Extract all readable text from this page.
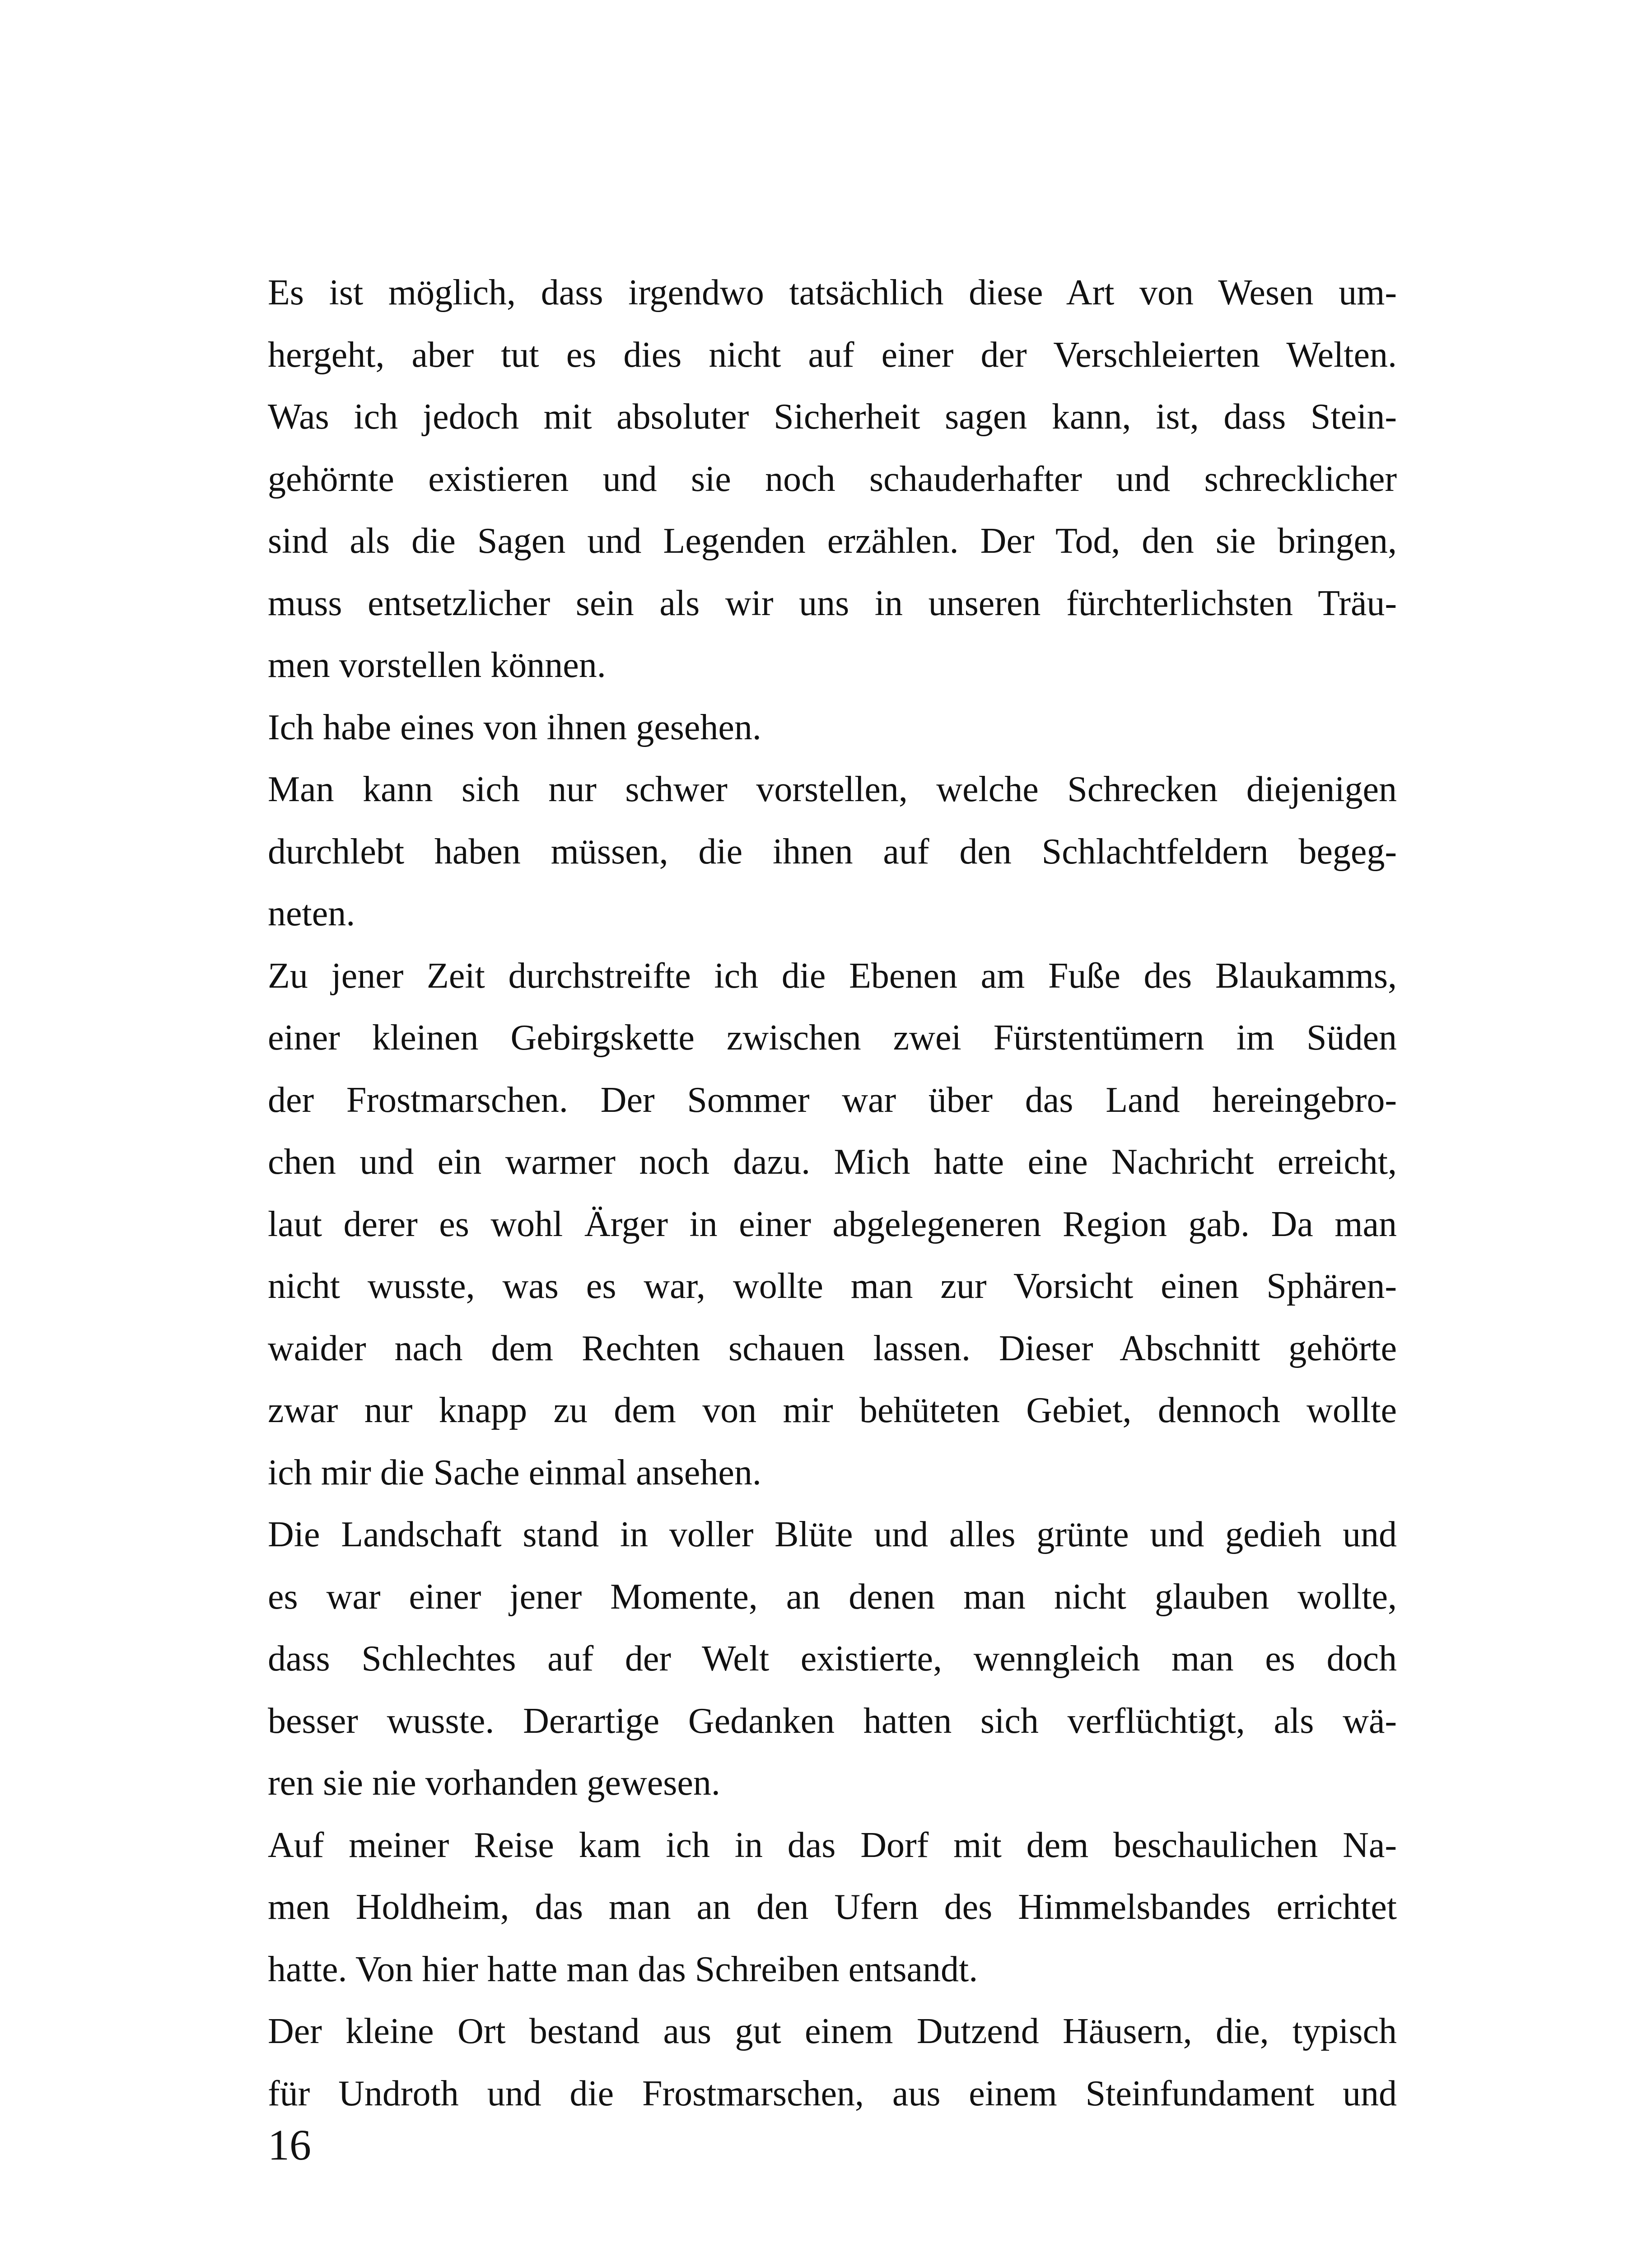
Es ist möglich, dass irgendwo tatsächlich diese Art von Wesen um-
hergeht, aber tut es dies nicht auf einer der Verschleierten Welten.
Was ich jedoch mit absoluter Sicherheit sagen kann, ist, dass Stein-
gehörnte existieren und sie noch schauderhafter und schrecklicher
sind als die Sagen und Legenden erzählen. Der Tod, den sie bringen,
muss entsetzlicher sein als wir uns in unseren fürchterlichsten Träu-
men vorstellen können.
Ich habe eines von ihnen gesehen.
Man kann sich nur schwer vorstellen, welche Schrecken diejenigen
durchlebt haben müssen, die ihnen auf den Schlachtfeldern begeg-
neten.
Zu jener Zeit durchstreifte ich die Ebenen am Fuße des Blaukamms,
einer kleinen Gebirgskette zwischen zwei Fürstentümern im Süden
der Frostmarschen. Der Sommer war über das Land hereingebro-
chen und ein warmer noch dazu. Mich hatte eine Nachricht erreicht,
laut derer es wohl Ärger in einer abgelegeneren Region gab. Da man
nicht wusste, was es war, wollte man zur Vorsicht einen Sphären-
waider nach dem Rechten schauen lassen. Dieser Abschnitt gehörte
zwar nur knapp zu dem von mir behüteten Gebiet, dennoch wollte
ich mir die Sache einmal ansehen.
Die Landschaft stand in voller Blüte und alles grünte und gedieh und
es war einer jener Momente, an denen man nicht glauben wollte,
dass Schlechtes auf der Welt existierte, wenngleich man es doch
besser wusste. Derartige Gedanken hatten sich verflüchtigt, als wä-
ren sie nie vorhanden gewesen.
Auf meiner Reise kam ich in das Dorf mit dem beschaulichen Na-
men Holdheim, das man an den Ufern des Himmelsbandes errichtet
hatte. Von hier hatte man das Schreiben entsandt.
Der kleine Ort bestand aus gut einem Dutzend Häusern, die, typisch
für Undroth und die Frostmarschen, aus einem Steinfundament und
16
